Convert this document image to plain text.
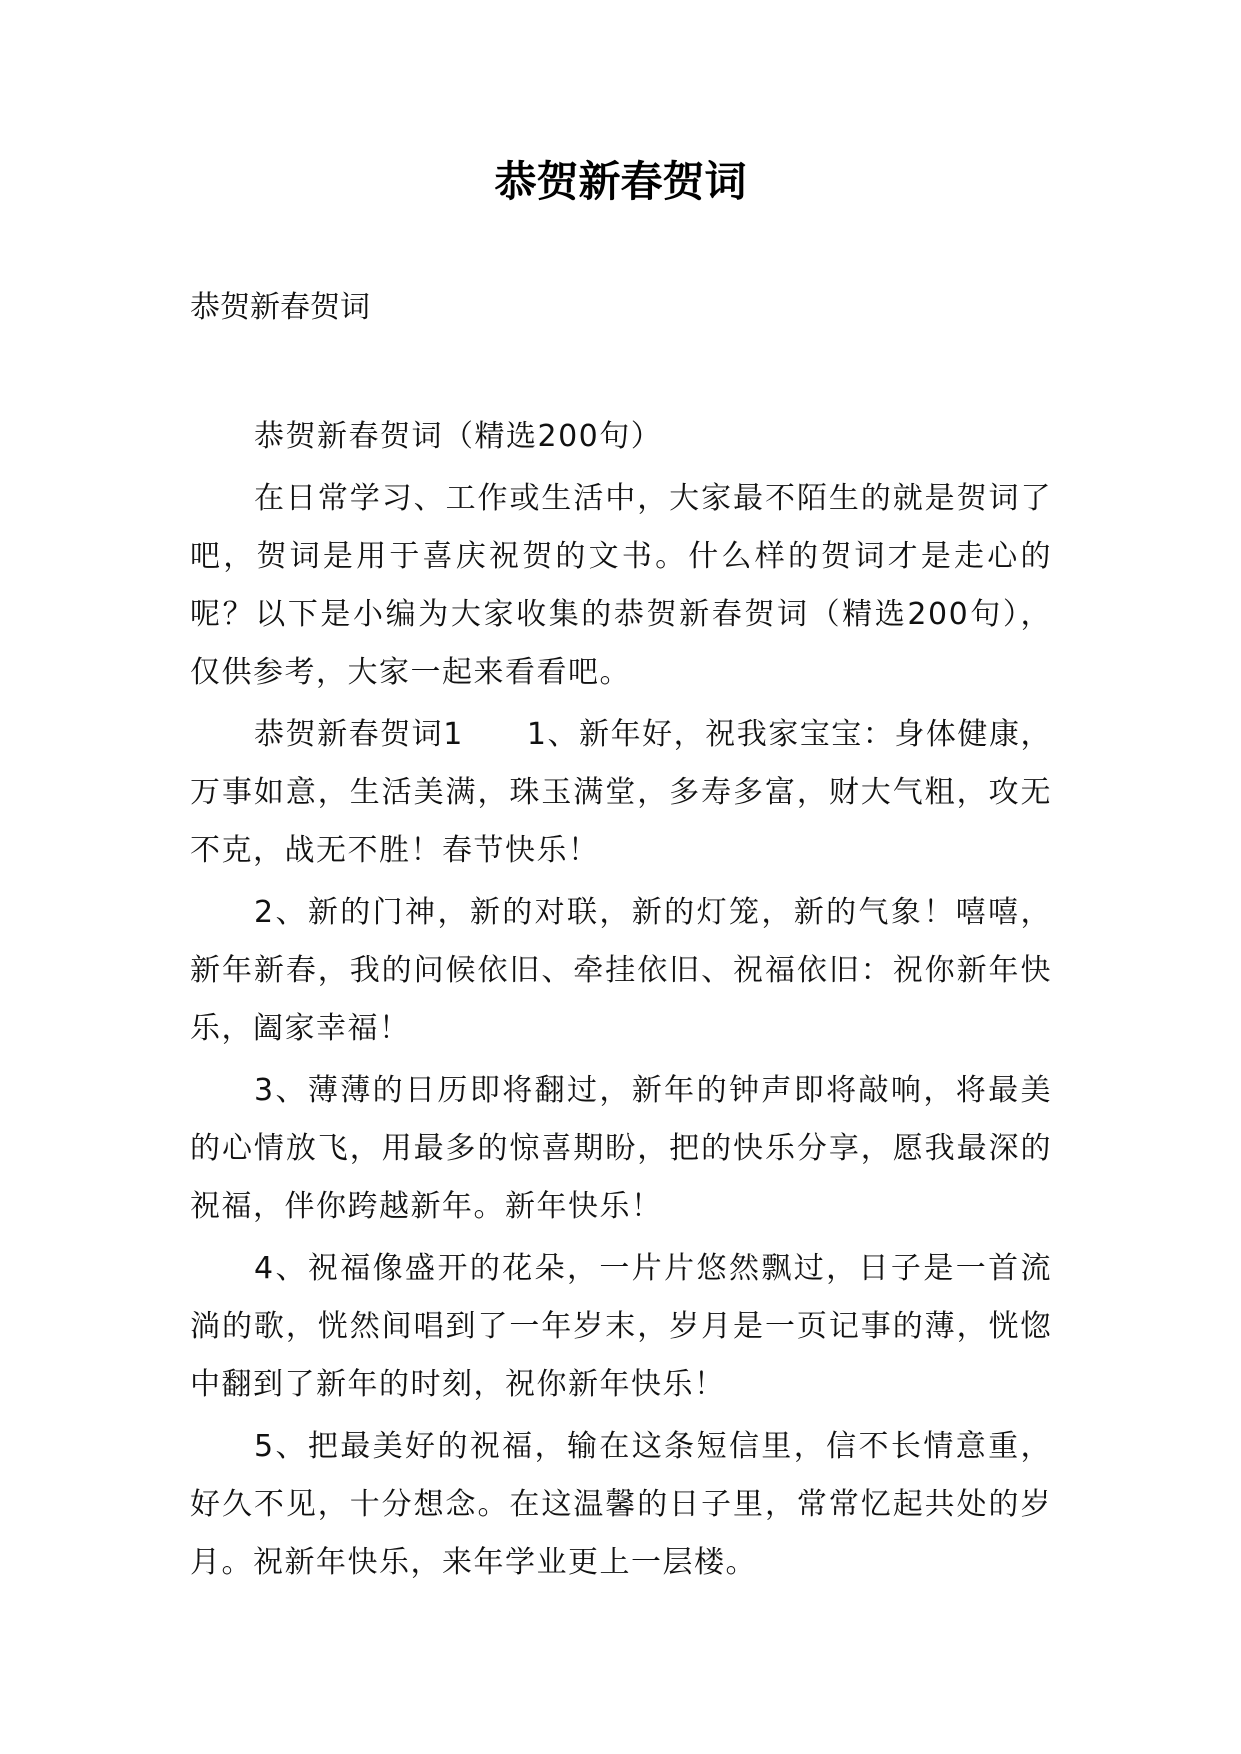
恭贺新春贺词
恭贺新春贺词

恭贺新春贺词（精选200句）

在日常学习、工作或生活中，大家最不陌生的就是贺词了吧，贺词是用于喜庆祝贺的文书。什么样的贺词才是走心的呢？以下是小编为大家收集的恭贺新春贺词（精选200句），仅供参考，大家一起来看看吧。

恭贺新春贺词1　　1、新年好，祝我家宝宝：身体健康，万事如意，生活美满，珠玉满堂，多寿多富，财大气粗，攻无不克，战无不胜！春节快乐！

2、新的门神，新的对联，新的灯笼，新的气象！嘻嘻，新年新春，我的问候依旧、牵挂依旧、祝福依旧：祝你新年快乐，阖家幸福！

3、薄薄的日历即将翻过，新年的钟声即将敲响，将最美的心情放飞，用最多的惊喜期盼，把的快乐分享，愿我最深的祝福，伴你跨越新年。新年快乐！

4、祝福像盛开的花朵，一片片悠然飘过，日子是一首流淌的歌，恍然间唱到了一年岁末，岁月是一页记事的薄，恍惚中翻到了新年的时刻，祝你新年快乐！

5、把最美好的祝福，输在这条短信里，信不长情意重，好久不见，十分想念。在这温馨的日子里，常常忆起共处的岁月。祝新年快乐，来年学业更上一层楼。
